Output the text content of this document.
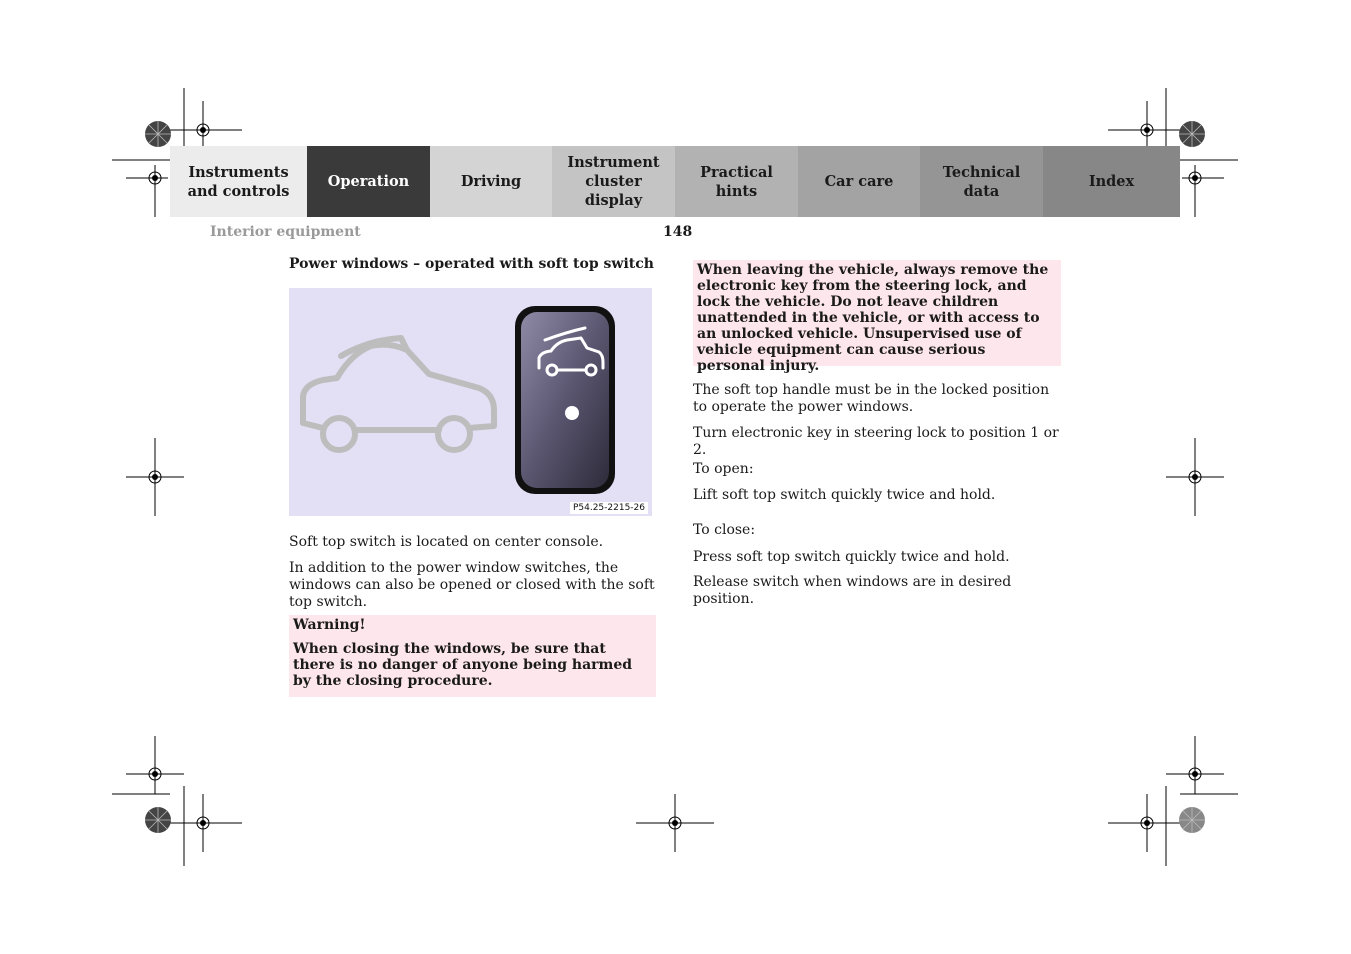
Instruments
and controls
Operation	Driving
Instrument
cluster display
Practical hints
Car care
Technical
data
Index
Interior equipment	148
Power windows – operated with soft top switch
P54.25-2215-26
Soft top switch is located on center console.
In addition to the power window switches, the windows can also be opened or closed with the soft top switch.
Warning!
When closing the windows, be sure that there is no danger of anyone being harmed by the closing procedure.
When leaving the vehicle, always remove the electronic key from the steering lock, and lock the vehicle. Do not leave children unattended in the vehicle, or with access to an unlocked vehicle. Unsupervised use of vehicle equipment can cause serious personal injury.
The soft top handle must be in the locked position to operate the power windows.
Turn electronic key in steering lock to position 1 or 2.
To open:
Lift soft top switch quickly twice and hold.
To close:
Press soft top switch quickly twice and hold.
Release switch when windows are in desired position.
